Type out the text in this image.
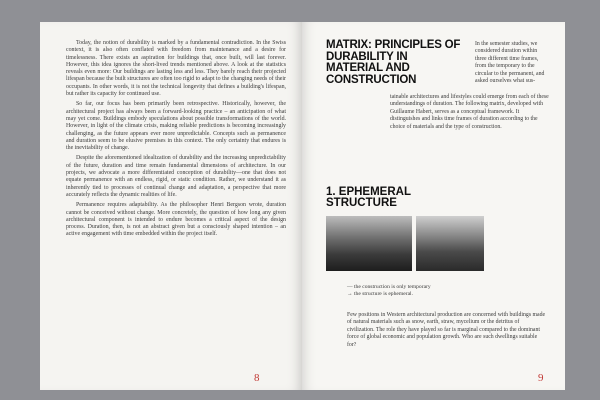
Today, the notion of durability is marked by a fundamental contradiction. In the Swiss context, it is also often conflated with freedom from maintenance and a desire for timelessness. There exists an aspiration for buildings that, once built, will last forever. However, this idea ignores the short-lived trends mentioned above. A look at the statistics reveals even more: Our buildings are lasting less and less. They barely reach their projected lifespan because the built structures are often too rigid to adapt to the changing needs of their occupants. In other words, it is not the technical longevity that defines a building's lifespan, but rather its capacity for continued use.

So far, our focus has been primarily been retrospective. Historically, however, the architectural project has always been a forward-looking practice – an anticipation of what may yet come. Buildings embody speculations about possible transformations of the world. However, in light of the climate crisis, making reliable predictions is becoming increasingly challenging, as the future appears ever more unpredictable. Concepts such as permanence and duration seem to be elusive premises in this context. The only certainty that endures is the inevitability of change.

Despite the aforementioned idealization of durability and the increasing unpredictability of the future, duration and time remain fundamental dimensions of architecture. In our projects, we advocate a more differentiated conception of durability—one that does not equate permanence with an endless, rigid, or static condition. Rather, we understand it as inherently tied to processes of continual change and adaptation, a perspective that more accurately reflects the dynamic realities of life.

Permanence requires adaptability. As the philosopher Henri Bergson wrote, duration cannot be conceived without change. More concretely, the question of how long any given architectural component is intended to endure becomes a critical aspect of the design process. Duration, then, is not an abstract given but a consciously shaped intention – an active engagement with time embedded within the project itself.

8
MATRIX: PRINCIPLES OF DURABILITY IN MATERIAL AND CONSTRUCTION
In the semester studies, we considered duration within three different time frames, from the temporary to the circular to the permanent, and asked ourselves what sus-
tainable architectures and lifestyles could emerge from each of these understandings of duration. The following matrix, developed with Guillaume Habert, serves as a conceptual framework. It distinguishes and links time frames of duration according to the choice of materials and the type of construction.
1. EPHEMERAL STRUCTURE
— the construction is only temporary
→ the structure is ephemeral.
Few positions in Western architectural production are concerned with buildings made of natural materials such as snow, earth, straw, mycelium or the detritus of civilization. The role they have played so far is marginal compared to the dominant force of global economic and population growth. Who are such dwellings suitable for?
9
